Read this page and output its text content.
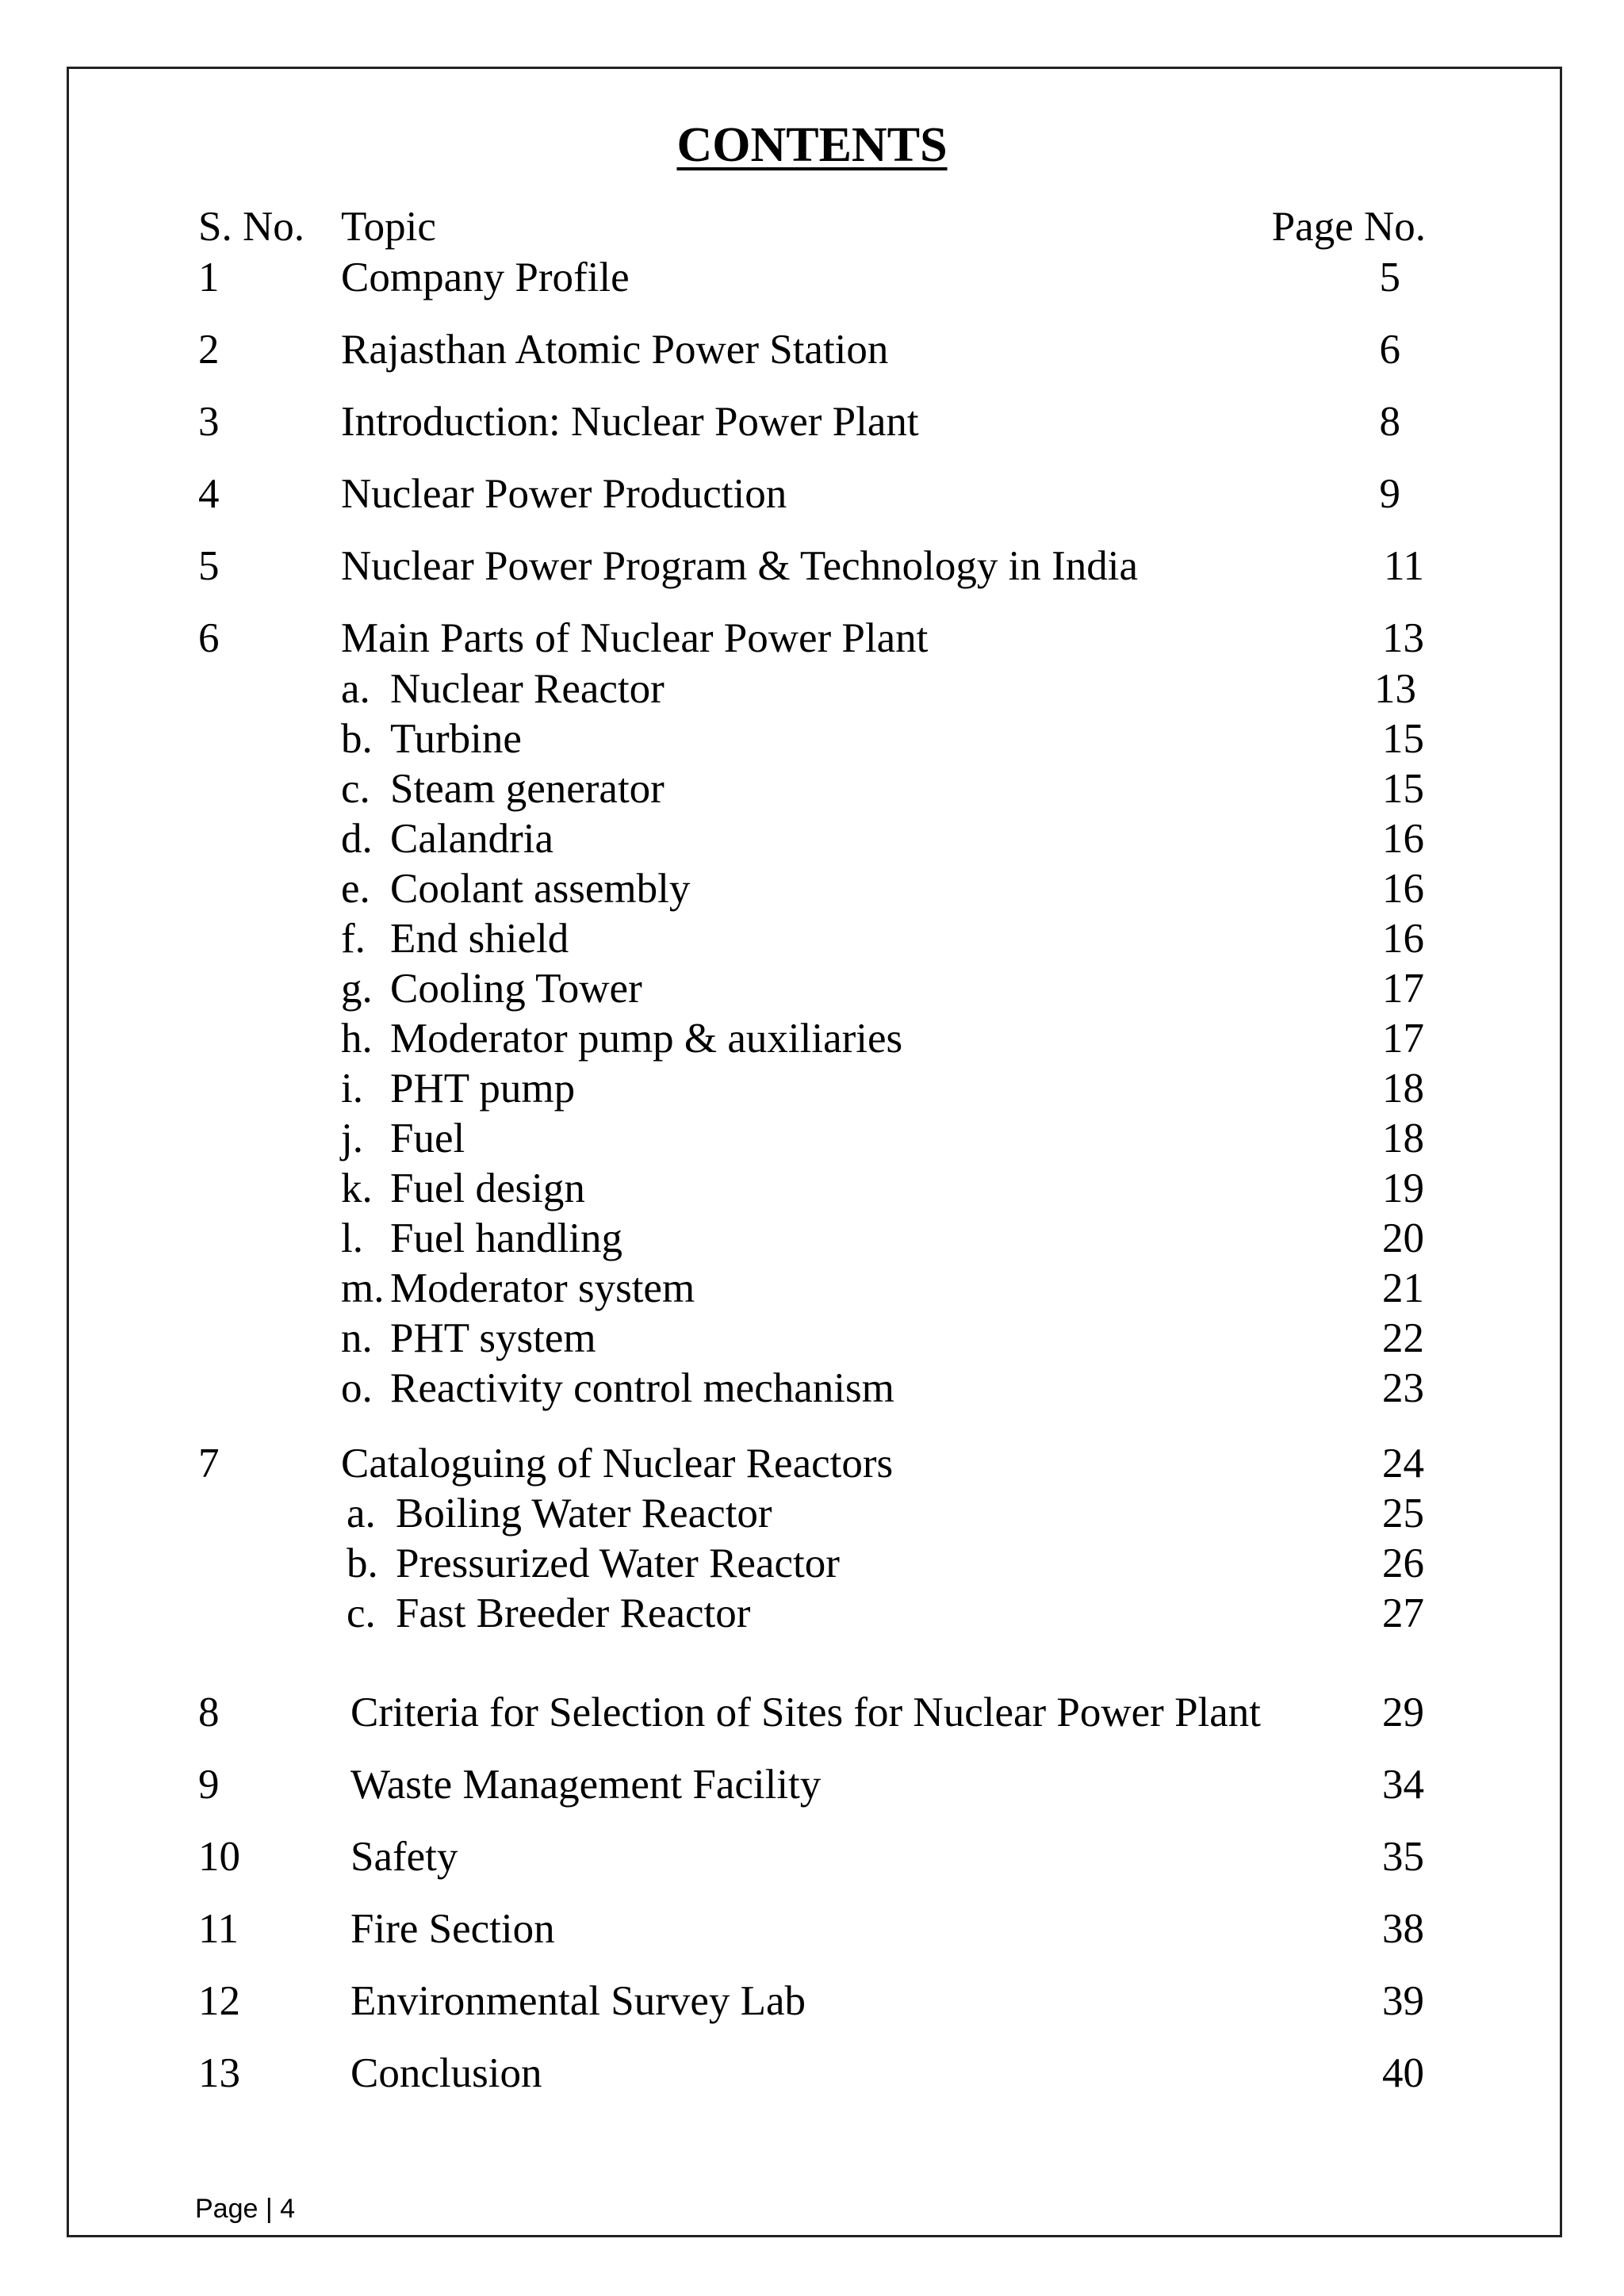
CONTENTS
S. No. Topic	Page No.
1	Company Profile	5
2	Rajasthan Atomic Power Station	6
3	Introduction: Nuclear Power Plant	8
4	Nuclear Power Production	9
5	Nuclear Power Program & Technology in India	11
6	Main Parts of Nuclear Power Plant	13
a. Nuclear Reactor	13
b. Turbine	15
c. Steam generator	15
d. Calandria	16
e. Coolant assembly	16
f. End shield	16
g. Cooling Tower	17
h. Moderator pump & auxiliaries	17
i. PHT pump	18
j. Fuel	18
k. Fuel design	19
l. Fuel handling	20
m. Moderator system	21
n. PHT system	22
o. Reactivity control mechanism	23
7	Cataloguing of Nuclear Reactors	24
a. Boiling Water Reactor	25
b. Pressurized Water Reactor	26
c. Fast Breeder Reactor	27
8	Criteria for Selection of Sites for Nuclear Power Plant	29
9	Waste Management Facility	34
10	Safety	35
11	Fire Section	38
12	Environmental Survey Lab	39
13	Conclusion	40
Page | 4
